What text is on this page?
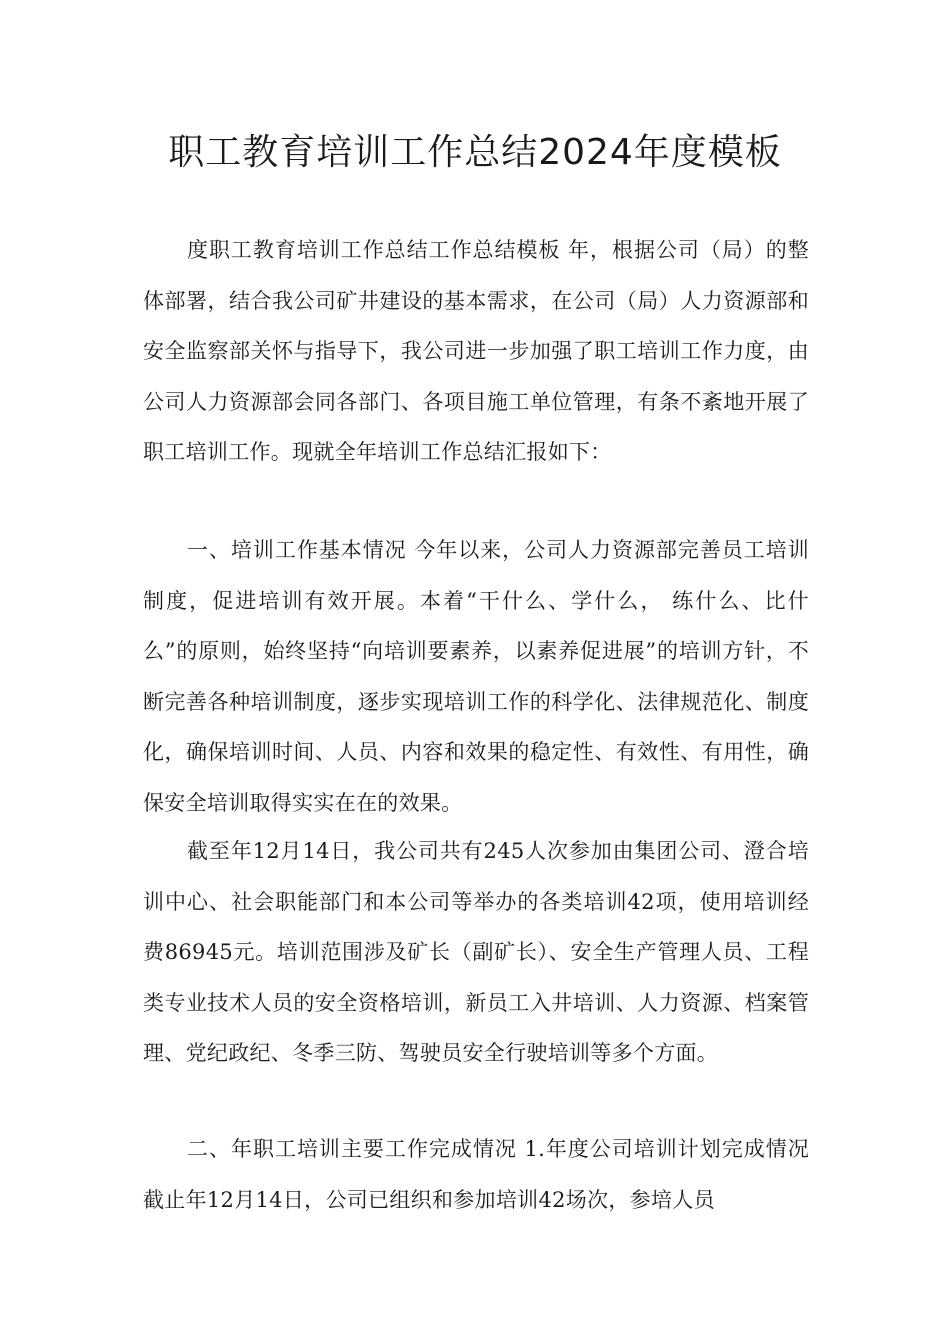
职工教育培训工作总结2024年度模板

度职工教育培训工作总结工作总结模板 年，根据公司（局）的整体部署，结合我公司矿井建设的基本需求，在公司（局）人力资源部和安全监察部关怀与指导下，我公司进一步加强了职工培训工作力度，由公司人力资源部会同各部门、各项目施工单位管理，有条不紊地开展了职工培训工作。现就全年培训工作总结汇报如下：

一、培训工作基本情况 今年以来，公司人力资源部完善员工培训制度，促进培训有效开展。本着“干什么、学什么， 练什么、比什么”的原则，始终坚持“向培训要素养，以素养促进展”的培训方针，不断完善各种培训制度，逐步实现培训工作的科学化、法律规范化、制度化，确保培训时间、人员、内容和效果的稳定性、有效性、有用性，确保安全培训取得实实在在的效果。

截至年12月14日，我公司共有245人次参加由集团公司、澄合培训中心、社会职能部门和本公司等举办的各类培训42项，使用培训经费86945元。培训范围涉及矿长（副矿长）、安全生产管理人员、工程类专业技术人员的安全资格培训，新员工入井培训、人力资源、档案管理、党纪政纪、冬季三防、驾驶员安全行驶培训等多个方面。

二、年职工培训主要工作完成情况 1.年度公司培训计划完成情况 截止年12月14日，公司已组织和参加培训42场次，参培人员
